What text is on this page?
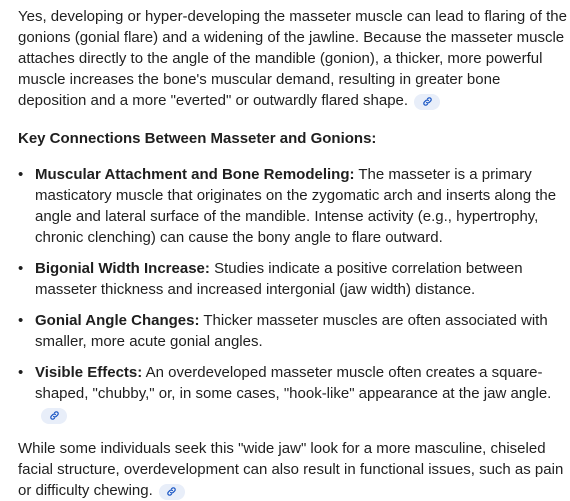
Yes, developing or hyper-developing the masseter muscle can lead to flaring of the gonions (gonial flare) and a widening of the jawline. Because the masseter muscle attaches directly to the angle of the mandible (gonion), a thicker, more powerful muscle increases the bone's muscular demand, resulting in greater bone deposition and a more "everted" or outwardly flared shape.

Key Connections Between Masseter and Gonions:

• Muscular Attachment and Bone Remodeling: The masseter is a primary masticatory muscle that originates on the zygomatic arch and inserts along the angle and lateral surface of the mandible. Intense activity (e.g., hypertrophy, chronic clenching) can cause the bony angle to flare outward.
• Bigonial Width Increase: Studies indicate a positive correlation between masseter thickness and increased intergonial (jaw width) distance.
• Gonial Angle Changes: Thicker masseter muscles are often associated with smaller, more acute gonial angles.
• Visible Effects: An overdeveloped masseter muscle often creates a square-shaped, "chubby," or, in some cases, "hook-like" appearance at the jaw angle.

While some individuals seek this "wide jaw" look for a more masculine, chiseled facial structure, overdevelopment can also result in functional issues, such as pain or difficulty chewing.
